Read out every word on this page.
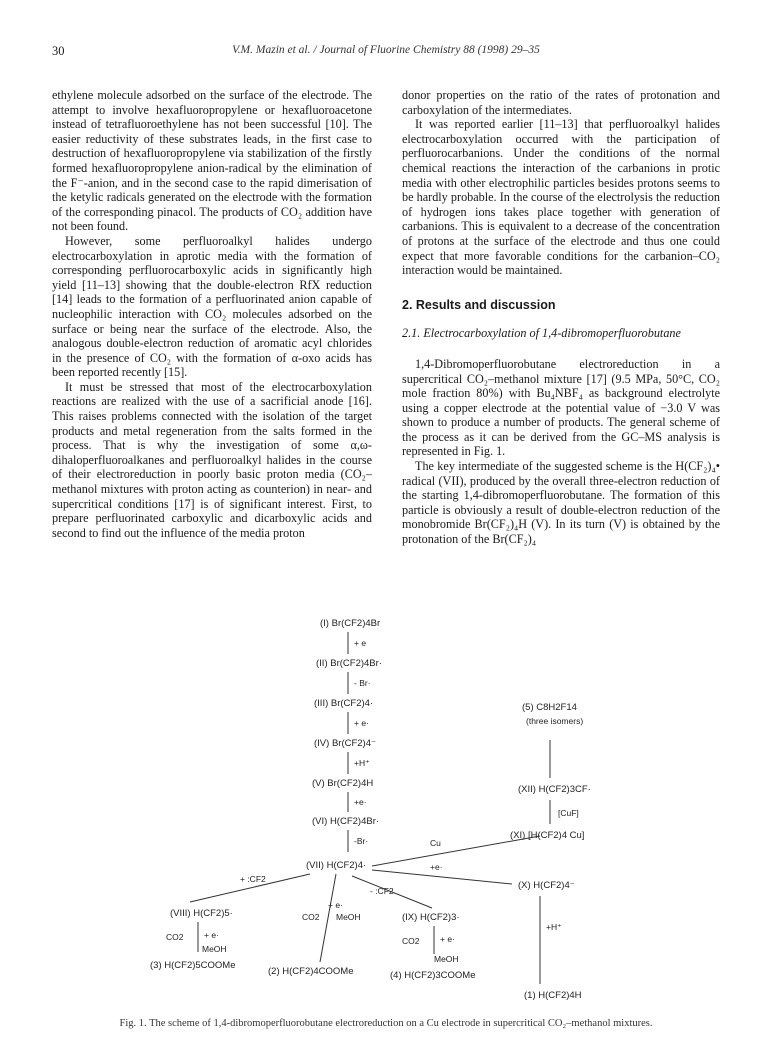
30	V.M. Mazin et al. / Journal of Fluorine Chemistry 88 (1998) 29–35

ethylene molecule adsorbed on the surface of the electrode. The attempt to involve hexafluoropropylene or hexafluoroacetone instead of tetrafluoroethylene has not been successful [10]. The easier reductivity of these substrates leads, in the first case to destruction of hexafluoropropylene via stabilization of the firstly formed hexafluoropropylene anion-radical by the elimination of the F⁻-anion, and in the second case to the rapid dimerisation of the ketylic radicals generated on the electrode with the formation of the corresponding pinacol. The products of CO₂ addition have not been found.

However, some perfluoroalkyl halides undergo electrocarboxylation in aprotic media with the formation of corresponding perfluorocarboxylic acids in significantly high yield [11–13] showing that the double-electron RfX reduction [14] leads to the formation of a perfluorinated anion capable of nucleophilic interaction with CO₂ molecules adsorbed on the surface or being near the surface of the electrode. Also, the analogous double-electron reduction of aromatic acyl chlorides in the presence of CO₂ with the formation of α-oxo acids has been reported recently [15].

It must be stressed that most of the electrocarboxylation reactions are realized with the use of a sacrificial anode [16]. This raises problems connected with the isolation of the target products and metal regeneration from the salts formed in the process. That is why the investigation of some α,ω-dihaloperfluoroalkanes and perfluoroalkyl halides in the course of their electroreduction in poorly basic proton media (CO₂–methanol mixtures with proton acting as counterion) in near- and supercritical conditions [17] is of significant interest. First, to prepare perfluorinated carboxylic and dicarboxylic acids and second to find out the influence of the media proton

donor properties on the ratio of the rates of protonation and carboxylation of the intermediates.

It was reported earlier [11–13] that perfluoroalkyl halides electrocarboxylation occurred with the participation of perfluorocarbanions. Under the conditions of the normal chemical reactions the interaction of the carbanions in protic media with other electrophilic particles besides protons seems to be hardly probable. In the course of the electrolysis the reduction of hydrogen ions takes place together with generation of carbanions. This is equivalent to a decrease of the concentration of protons at the surface of the electrode and thus one could expect that more favorable conditions for the carbanion–CO₂ interaction would be maintained.

2. Results and discussion

2.1. Electrocarboxylation of 1,4-dibromoperfluorobutane

1,4-Dibromoperfluorobutane electroreduction in a supercritical CO₂–methanol mixture [17] (9.5 MPa, 50°C, CO₂ mole fraction 80%) with Bu₄NBF₄ as background electrolyte using a copper electrode at the potential value of −3.0 V was shown to produce a number of products. The general scheme of the process as it can be derived from the GC–MS analysis is represented in Fig. 1.

The key intermediate of the suggested scheme is the H(CF₂)₄• radical (VII), produced by the overall three-electron reduction of the starting 1,4-dibromoperfluorobutane. The formation of this particle is obviously a result of double-electron reduction of the monobromide Br(CF₂)₄H (V). In its turn (V) is obtained by the protonation of the Br(CF₂)₄

(I) Br(CF2)4Br
+ e
(II) Br(CF2)4Br·
- Br·
(III) Br(CF2)4·
+ e·
(IV) Br(CF2)4⁻
+H⁺
(V) Br(CF2)4H
+e·
(VI) H(CF2)4Br·
-Br·
(VII) H(CF2)4·
Cu
(5) C8H2F14
(three isomers)
(XII) H(CF2)3CF·
[CuF]
(XI) [H(CF2)4 Cu]
+e·
(X) H(CF2)4⁻
+H⁺
(1) H(CF2)4H
+ :CF2
(VIII) H(CF2)5·
CO2 + e·
MeOH
(3) H(CF2)5COOMe
+ e·
CO2 MeOH
(2) H(CF2)4COOMe
- :CF2
(IX) H(CF2)3·
CO2 + e·
MeOH
(4) H(CF2)3COOMe
Fig. 1. The scheme of 1,4-dibromoperfluorobutane electroreduction on a Cu electrode in supercritical CO₂–methanol mixtures.
